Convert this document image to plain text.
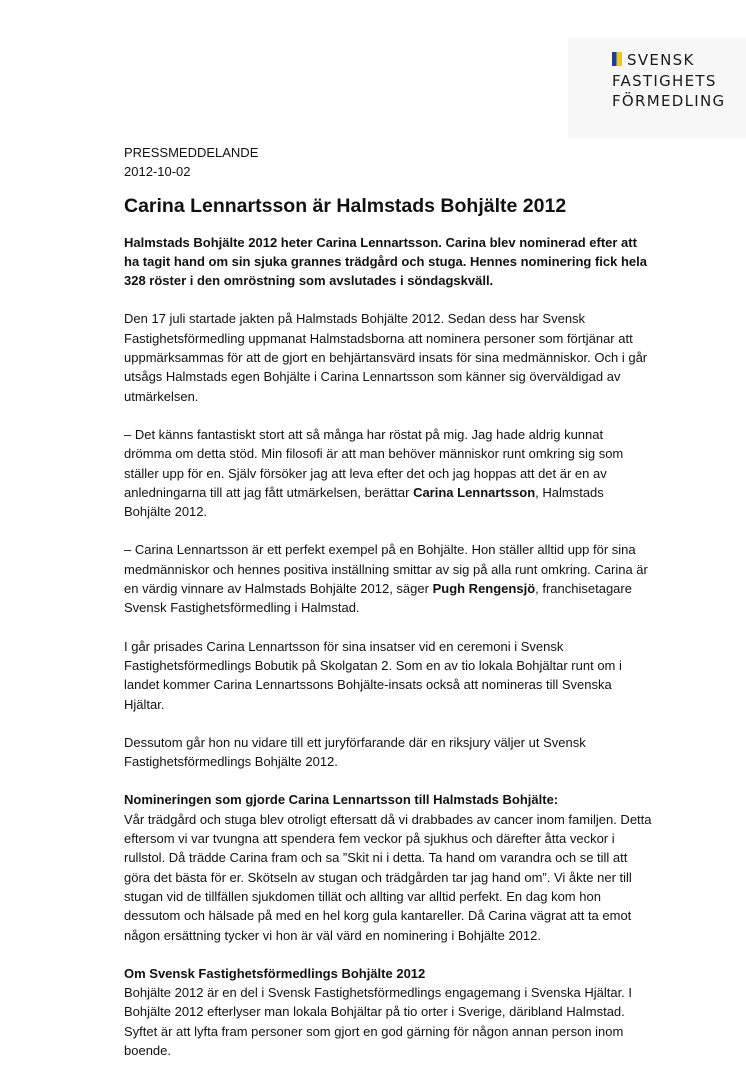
SVENSK
FASTIGHETS
FÖRMEDLING

PRESSMEDDELANDE

2012-10-02

Carina Lennartsson är Halmstads Bohjälte 2012

Halmstads Bohjälte 2012 heter Carina Lennartsson. Carina blev nominerad efter att ha tagit hand om sin sjuka grannes trädgård och stuga. Hennes nominering fick hela 328 röster i den omröstning som avslutades i söndagskväll.

Den 17 juli startade jakten på Halmstads Bohjälte 2012. Sedan dess har Svensk Fastighetsförmedling uppmanat Halmstadsborna att nominera personer som förtjänar att uppmärksammas för att de gjort en behjärtansvärd insats för sina medmänniskor. Och i går utsågs Halmstads egen Bohjälte i Carina Lennartsson som känner sig överväldigad av utmärkelsen.

– Det känns fantastiskt stort att så många har röstat på mig. Jag hade aldrig kunnat drömma om detta stöd. Min filosofi är att man behöver människor runt omkring sig som ställer upp för en. Själv försöker jag att leva efter det och jag hoppas att det är en av anledningarna till att jag fått utmärkelsen, berättar Carina Lennartsson, Halmstads Bohjälte 2012.

– Carina Lennartsson är ett perfekt exempel på en Bohjälte. Hon ställer alltid upp för sina medmänniskor och hennes positiva inställning smittar av sig på alla runt omkring. Carina är en värdig vinnare av Halmstads Bohjälte 2012, säger Pugh Rengensjö, franchisetagare Svensk Fastighetsförmedling i Halmstad.

I går prisades Carina Lennartsson för sina insatser vid en ceremoni i Svensk Fastighetsförmedlings Bobutik på Skolgatan 2. Som en av tio lokala Bohjältar runt om i landet kommer Carina Lennartssons Bohjälte-insats också att nomineras till Svenska Hjältar.

Dessutom går hon nu vidare till ett juryförfarande där en riksjury väljer ut Svensk Fastighetsförmedlings Bohjälte 2012.

Nomineringen som gjorde Carina Lennartsson till Halmstads Bohjälte:

Vår trädgård och stuga blev otroligt eftersatt då vi drabbades av cancer inom familjen. Detta eftersom vi var tvungna att spendera fem veckor på sjukhus och därefter åtta veckor i rullstol. Då trädde Carina fram och sa ”Skit ni i detta. Ta hand om varandra och se till att göra det bästa för er. Skötseln av stugan och trädgården tar jag hand om”. Vi åkte ner till stugan vid de tillfällen sjukdomen tillät och allting var alltid perfekt. En dag kom hon dessutom och hälsade på med en hel korg gula kantareller. Då Carina vägrat att ta emot någon ersättning tycker vi hon är väl värd en nominering i Bohjälte 2012.

Om Svensk Fastighetsförmedlings Bohjälte 2012

Bohjälte 2012 är en del i Svensk Fastighetsförmedlings engagemang i Svenska Hjältar. I Bohjälte 2012 efterlyser man lokala Bohjältar på tio orter i Sverige, däribland Halmstad. Syftet är att lyfta fram personer som gjort en god gärning för någon annan person inom boende.
